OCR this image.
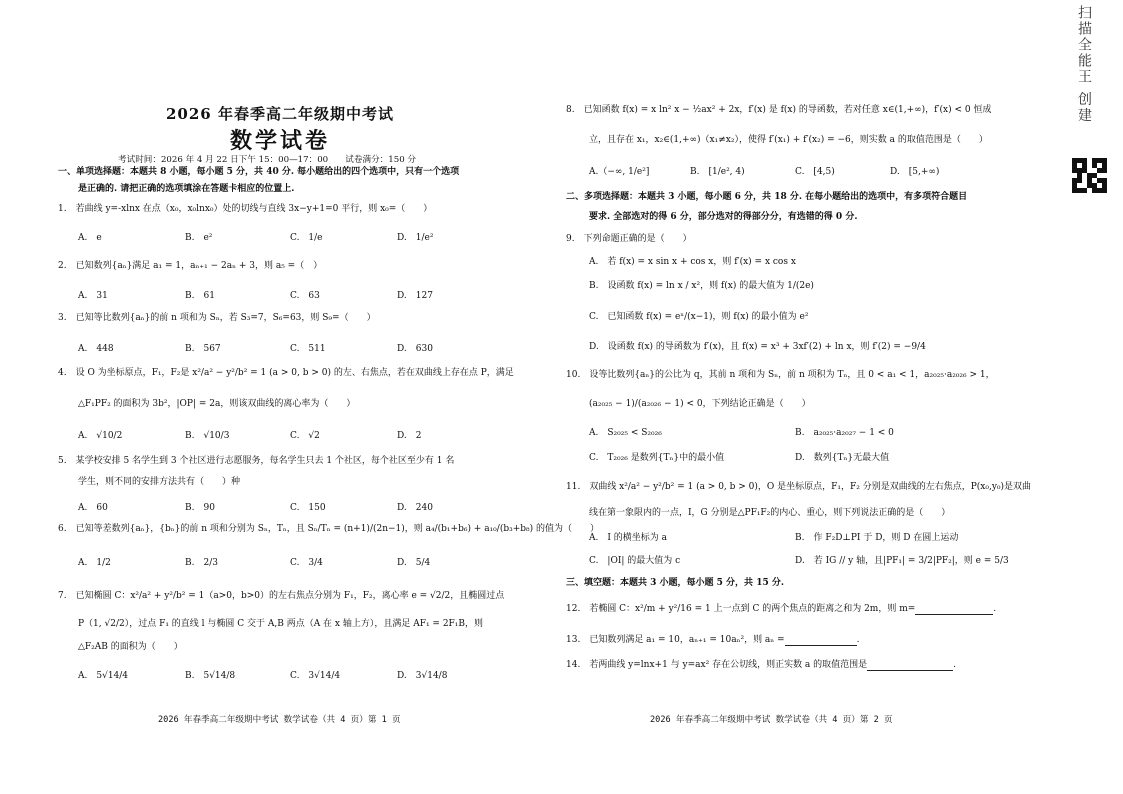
2026 年春季高二年级期中考试
数学试卷
考试时间：2026 年 4 月 22 日下午 15：00—17：00　　试卷满分：150 分
一、单项选择题：本题共 8 小题，每小题 5 分，共 40 分. 每小题给出的四个选项中，只有一个选项
是正确的. 请把正确的选项填涂在答题卡相应的位置上.
1.　若曲线 y=-xlnx 在点（x₀，x₀lnx₀）处的切线与直线 3x−y+1=0 平行，则 x₀=（　　）
A.　e	B.　e²	C.　1/e	D.　1/e²
2.　已知数列{aₙ}满足 a₁ = 1，aₙ₊₁ − 2aₙ + 3，则 a₅ =（　）
A.　31	B.　61	C.　63	D.　127
3.　已知等比数列{aₙ}的前 n 项和为 Sₙ，若 S₃=7，S₆=63，则 S₉=（　　）
A.　448	B.　567	C.　511	D.　630
4.　设 O 为坐标原点，F₁，F₂是 x²/a² − y²/b² = 1 (a > 0, b > 0) 的左、右焦点，若在双曲线上存在点 P，满足
△F₁PF₂ 的面积为 3b²，|OP| = 2a，则该双曲线的离心率为（　　）
A.　√10/2	B.　√10/3	C.　√2	D.　2
5.　某学校安排 5 名学生到 3 个社区进行志愿服务，每名学生只去 1 个社区，每个社区至少有 1 名
学生，则不同的安排方法共有（　　）种
A.　60	B.　90	C.　150	D.　240
6.　已知等差数列{aₙ}，{bₙ}的前 n 项和分别为 Sₙ，Tₙ，且 Sₙ/Tₙ = (n+1)/(2n−1)，则 a₄/(b₁+b₆) + a₁₀/(b₃+b₈) 的值为（　　）
A.　1/2	B.　2/3	C.　3/4	D.　5/4
7.　已知椭圆 C：x²/a² + y²/b² = 1（a>0，b>0）的左右焦点分别为 F₁，F₂，离心率 e = √2/2，且椭圆过点
P（1, √2/2），过点 F₁ 的直线 l 与椭圆 C 交于 A,B 两点（A 在 x 轴上方），且满足 AF₁ = 2F₁B，则
△F₂AB 的面积为（　　）
A.　5√14/4	B.　5√14/8	C.　3√14/4	D.　3√14/8
2026 年春季高二年级期中考试 数学试卷（共 4 页）第 1 页
8.　已知函数 f(x) = x ln² x − ½ax² + 2x，f′(x) 是 f(x) 的导函数，若对任意 x∈(1,+∞)，f′(x) < 0 恒成
立，且存在 x₁，x₂∈(1,+∞)（x₁≠x₂），使得 f′(x₁) + f′(x₂) = −6，则实数 a 的取值范围是（　　）
A.（−∞, 1/e²]	B.　[1/e², 4)	C.　[4,5)	D.　[5,+∞)
二、多项选择题：本题共 3 小题，每小题 6 分，共 18 分. 在每小题给出的选项中，有多项符合题目
要求. 全部选对的得 6 分，部分选对的得部分分，有选错的得 0 分.
9.　下列命题正确的是（　　）
A.　若 f(x) = x sin x + cos x，则 f′(x) = x cos x
B.　设函数 f(x) = ln x / x²，则 f(x) 的最大值为 1/(2e)
C.　已知函数 f(x) = eˣ/(x−1)，则 f(x) 的最小值为 e²
D.　设函数 f(x) 的导函数为 f′(x)，且 f(x) = x³ + 3xf′(2) + ln x，则 f′(2) = −9/4
10.　设等比数列{aₙ}的公比为 q，其前 n 项和为 Sₙ，前 n 项积为 Tₙ，且 0 < a₁ < 1，a₂₀₂₅·a₂₀₂₆ > 1，
(a₂₀₂₅ − 1)/(a₂₀₂₆ − 1) < 0，下列结论正确是（　　）
A.　S₂₀₂₅ < S₂₀₂₆	B.　a₂₀₂₅·a₂₀₂₇ − 1 < 0
C.　T₂₀₂₆ 是数列{Tₙ}中的最小值	D.　数列{Tₙ}无最大值
11.　双曲线 x²/a² − y²/b² = 1 (a > 0, b > 0)，O 是坐标原点，F₁，F₂ 分别是双曲线的左右焦点，P(x₀,y₀)是双曲
线在第一象限内的一点，I，G 分别是△PF₁F₂的内心、重心，则下列说法正确的是（　　）
A.　I 的横坐标为 a	B.　作 F₂D⊥PI 于 D，则 D 在圆上运动
C.　|OI| 的最大值为 c	D.　若 IG // y 轴，且|PF₁| = 3/2|PF₂|，则 e = 5/3
三、填空题：本题共 3 小题，每小题 5 分，共 15 分.
12.　若椭圆 C：x²/m + y²/16 = 1 上一点到 C 的两个焦点的距离之和为 2m，则 m=	.
13.　已知数列满足 a₁ = 10，aₙ₊₁ = 10aₙ²，则 aₙ =	.
14.　若两曲线 y=lnx+1 与 y=ax² 存在公切线，则正实数 a 的取值范围是	.
2026 年春季高二年级期中考试 数学试卷（共 4 页）第 2 页
扫描全能王 创建
